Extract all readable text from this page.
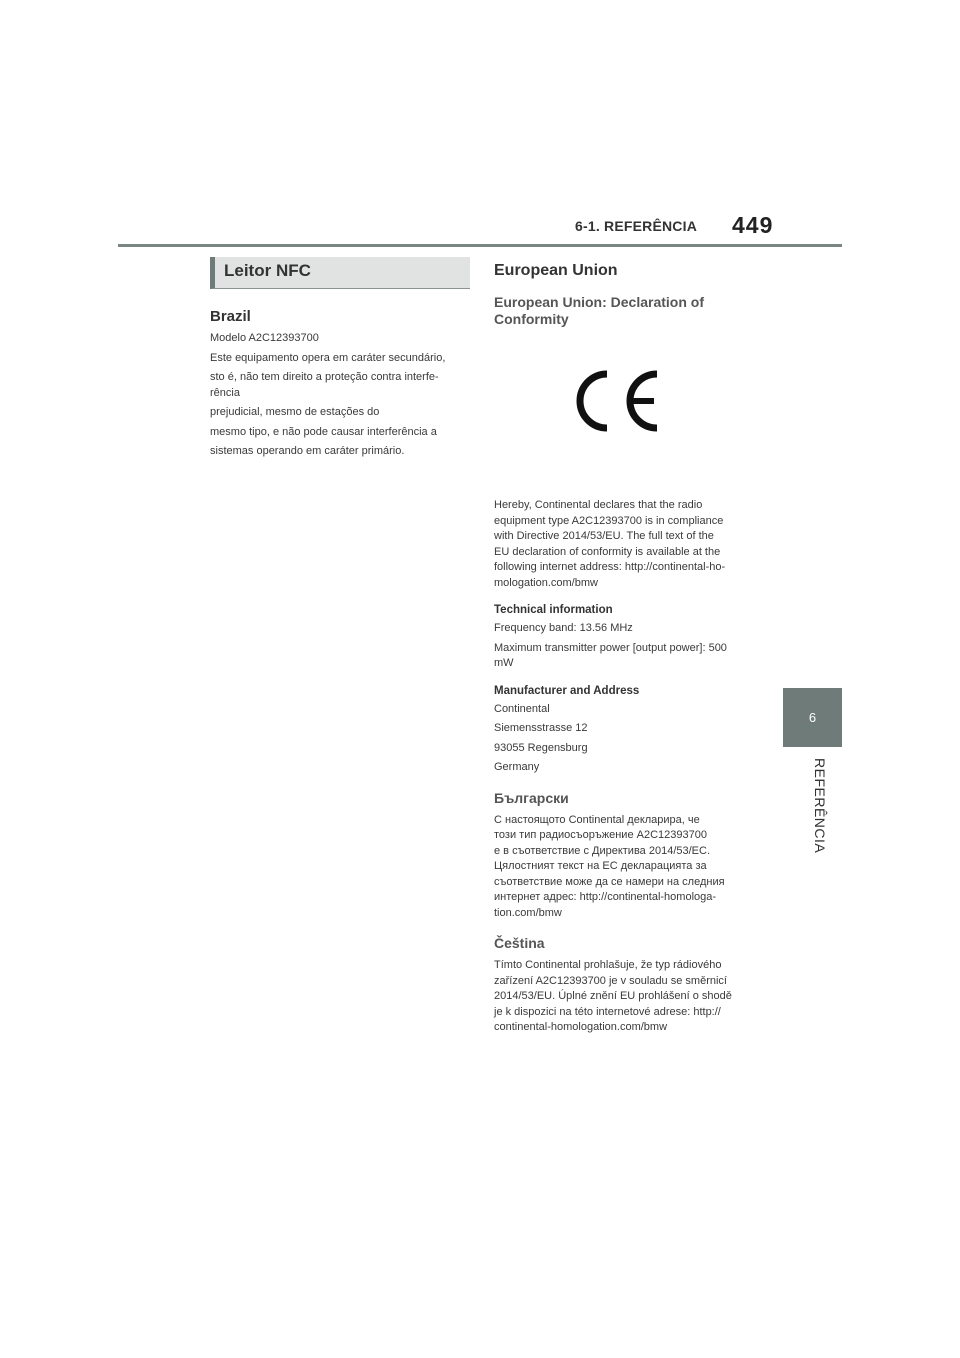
6-1. REFERÊNCIA 449
6
REFERÊNCIA
Leitor NFC
Brazil

Modelo A2C12393700

Este equipamento opera em caráter secundário,

sto é, não tem direito a proteção contra interfe-
rência

prejudicial, mesmo de estações do

mesmo tipo, e não pode causar interferência a

sistemas operando em caráter primário.

European Union
European Union: Declaration of
Conformity

Hereby, Continental declares that the radio
equipment type A2C12393700 is in compliance
with Directive 2014/53/EU. The full text of the
EU declaration of conformity is available at the
following internet address: http://continental-ho-
mologation.com/bmw

Technical information

Frequency band: 13.56 MHz

Maximum transmitter power [output power]: 500
mW

Manufacturer and Address

Continental

Siemensstrasse 12

93055 Regensburg

Germany

Български

С настоящото Continental декларира, че
този тип радиосъоръжение A2C12393700
е в съответствие с Директива 2014/53/ЕС.
Цялостният текст на ЕС декларацията за
съответствие може да се намери на следния
интернет адрес: http://continental-homologa-
tion.com/bmw

Čeština

Tímto Continental prohlašuje, že typ rádiového
zařízení A2C12393700 je v souladu se směrnicí
2014/53/EU. Úplné znění EU prohlášení o shodě
je k dispozici na této internetové adrese: http://
continental-homologation.com/bmw
